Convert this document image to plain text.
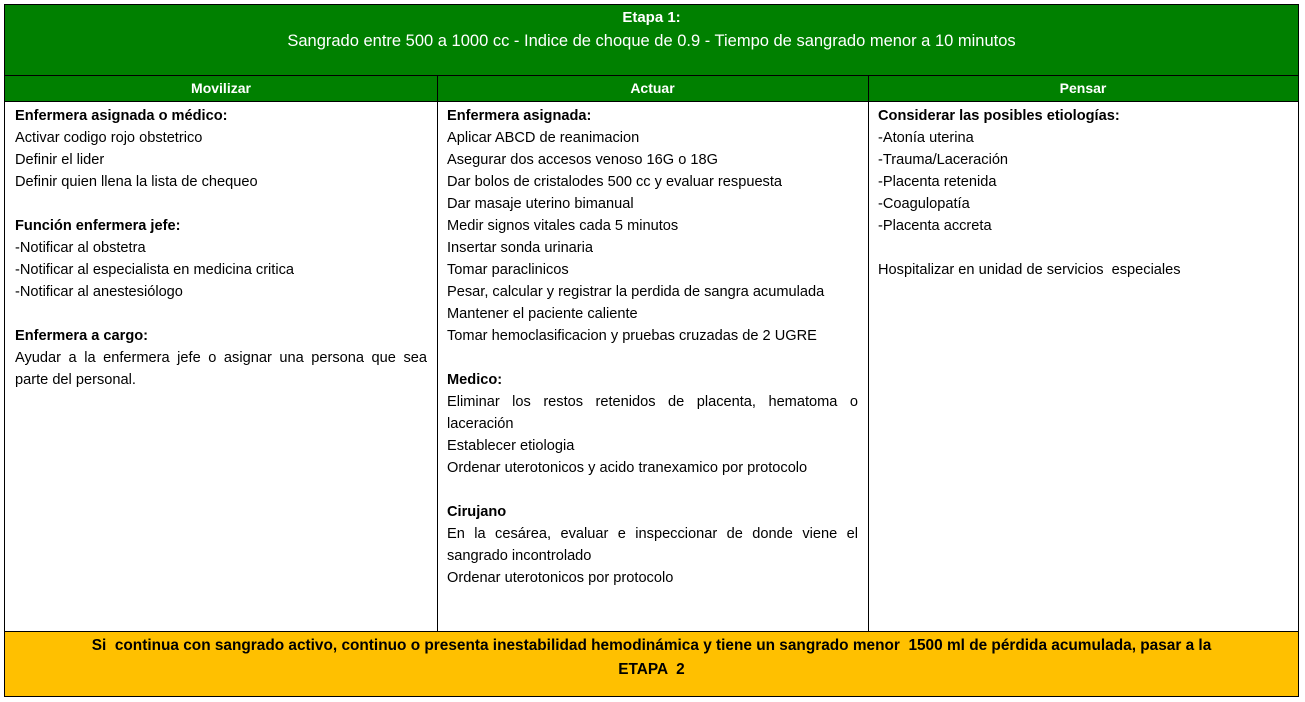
Etapa 1:
Sangrado entre 500 a 1000 cc - Indice de choque de 0.9 - Tiempo de sangrado menor a 10 minutos
Movilizar	Actuar	Pensar
Enfermera asignada o médico:
Activar codigo rojo obstetrico
Definir el lider
Definir quien llena la lista de chequeo
Función enfermera jefe:
-Notificar al obstetra
-Notificar al especialista en medicina critica
-Notificar al anestesiólogo
Enfermera a cargo:
Ayudar a la enfermera jefe o asignar una persona que sea parte del personal.
Enfermera asignada:
Aplicar ABCD de reanimacion
Asegurar dos accesos venoso 16G o 18G
Dar bolos de cristalodes 500 cc y evaluar respuesta
Dar masaje uterino bimanual
Medir signos vitales cada 5 minutos
Insertar sonda urinaria
Tomar paraclinicos
Pesar, calcular y registrar la perdida de sangra acumulada
Mantener el paciente caliente
Tomar hemoclasificacion y pruebas cruzadas de 2 UGRE
Medico:
Eliminar los restos retenidos de placenta, hematoma o laceración
Establecer etiologia
Ordenar uterotonicos y acido tranexamico por protocolo
Cirujano
En la cesárea, evaluar e inspeccionar de donde viene el sangrado incontrolado
Ordenar uterotonicos por protocolo
Considerar las posibles etiologías:
-Atonía uterina
-Trauma/Laceración
-Placenta retenida
-Coagulopatía
-Placenta accreta
Hospitalizar en unidad de servicios  especiales
Si  continua con sangrado activo, continuo o presenta inestabilidad hemodinámica y tiene un sangrado menor  1500 ml de pérdida acumulada, pasar a la
ETAPA  2
